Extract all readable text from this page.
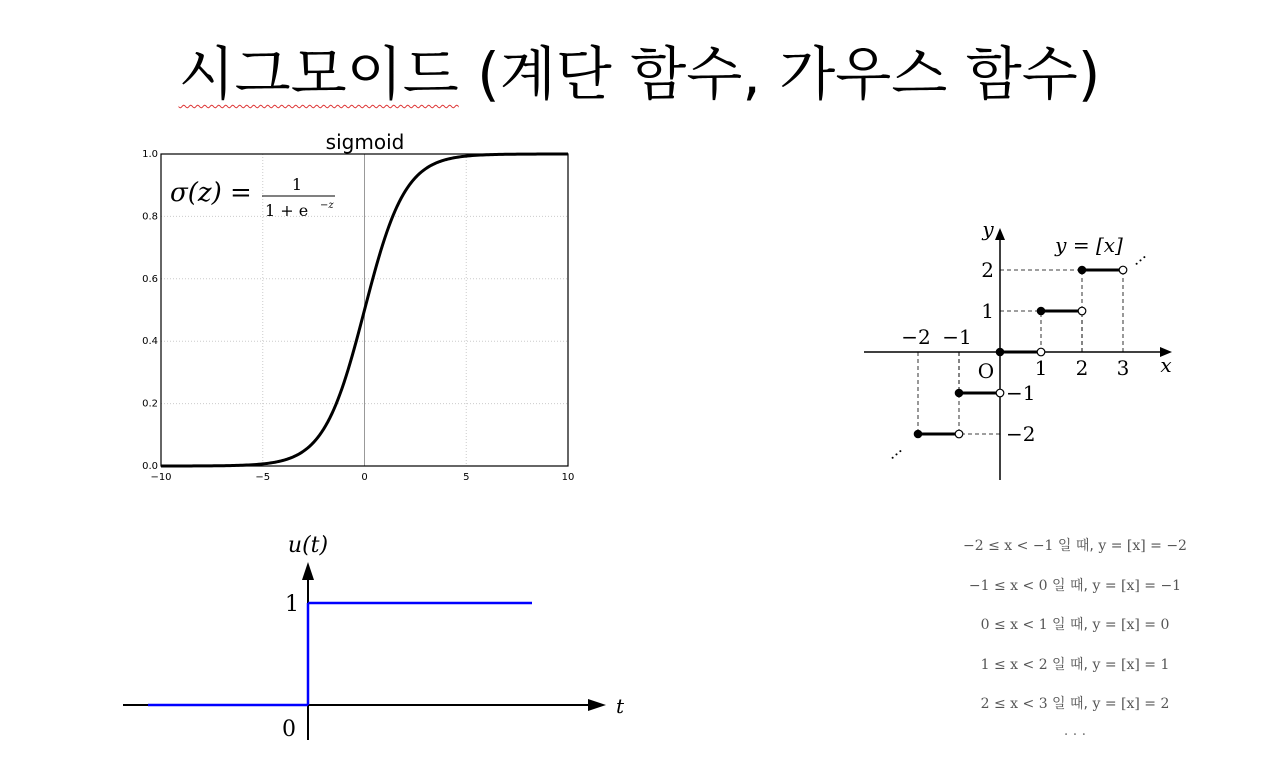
시그모이드 (계단 함수, 가우스 함수)
sigmoid
−10	−5	0	5	10
0.0
0.2
0.4
0.6
0.8
1.0
σ(z) =	1
1 + e −z
u(t)
t
1
0
y
x
O
y = [x]
···
···
−2 −1
1 2 3
2
1
−1
−2
−2 ≤ x < −1 일 때, y = [x] = −2
−1 ≤ x < 0 일 때, y = [x] = −1
0 ≤ x < 1 일 때, y = [x] = 0
1 ≤ x < 2 일 때, y = [x] = 1
2 ≤ x < 3 일 때, y = [x] = 2
· · ·
